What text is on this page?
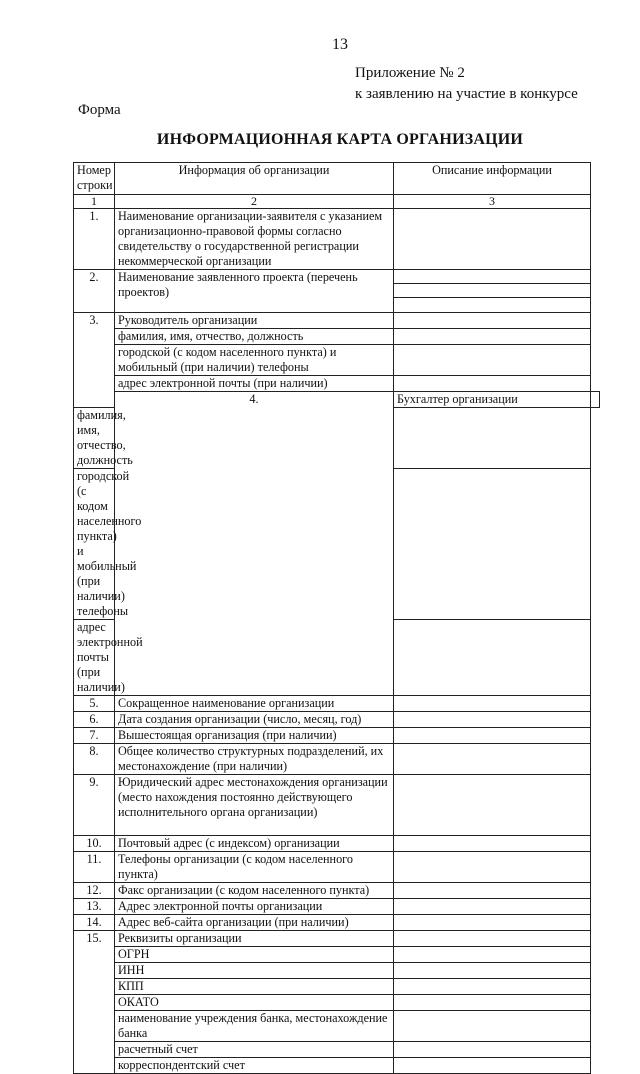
13
Приложение № 2
к заявлению на участие в конкурсе
Форма
ИНФОРМАЦИОННАЯ КАРТА ОРГАНИЗАЦИИ
Номер строки	Информация об организации	Описание информации	
1	2	3	
1.	Наименование организации-заявителя с указанием организационно-правовой формы согласно свидетельству о государственной регистрации некоммерческой организации		
2.	Наименование заявленного проекта (перечень проектов)		

3.	Руководитель организации		
	фамилия, имя, отчество, должность		
	городской (с кодом населенного пункта) и мобильный (при наличии) телефоны		
	адрес электронной почты (при наличии)		
	4.	Бухгалтер организации	
фамилия, имя, отчество, должность			
городской (с кодом населенного пункта) и мобильный (при наличии) телефоны			
адрес электронной почты (при наличии)			
5.	Сокращенное наименование организации		
6.	Дата создания организации (число, месяц, год)		
7.	Вышестоящая организация (при наличии)		
8.	Общее количество структурных подразделений, их местонахождение (при наличии)		
9.	Юридический адрес местонахождения организации (место нахождения постоянно действующего исполнительного органа организации)		
10.	Почтовый адрес (с индексом) организации		
11.	Телефоны организации (с кодом населенного пункта)		
12.	Факс организации (с кодом населенного пункта)		
13.	Адрес электронной почты организации		
14.	Адрес веб-сайта организации (при наличии)		
15.	Реквизиты организации		
	ОГРН		
	ИНН		
	КПП		
	ОКАТО		
	наименование учреждения банка, местонахождение банка		
	расчетный счет		
	корреспондентский счет		
